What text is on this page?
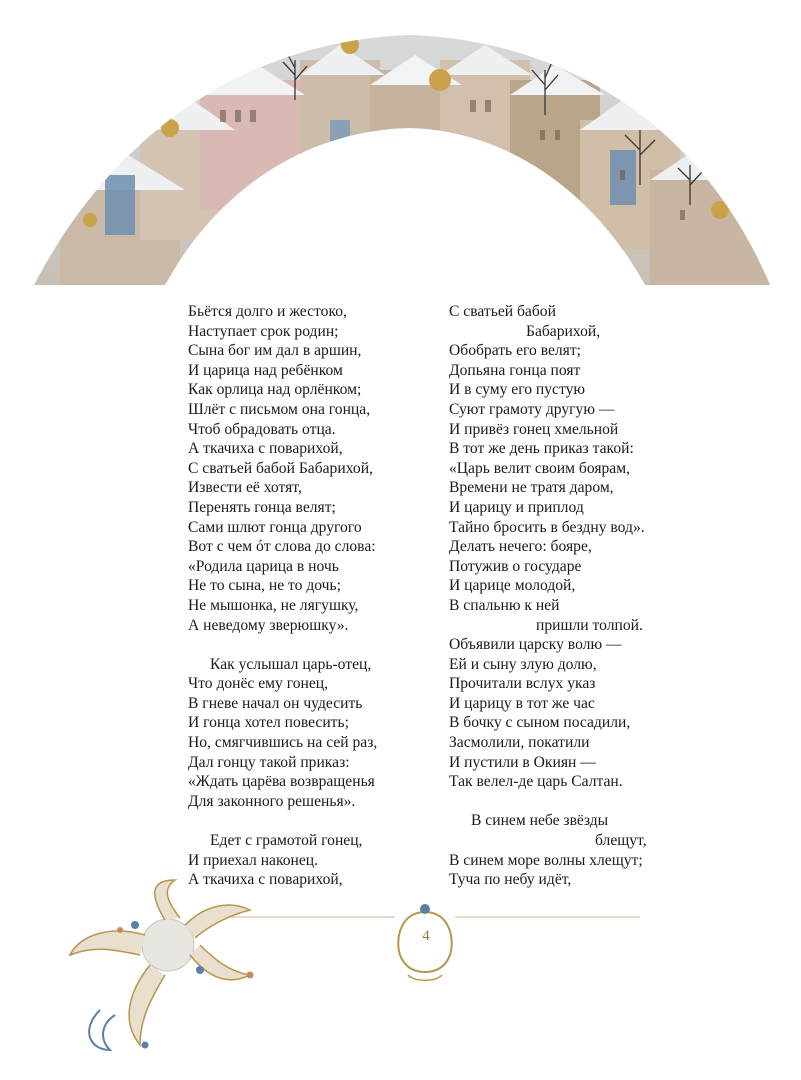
Бьётся долго и жестоко,
Наступает срок родин;
Сына бог им дал в аршин,
И царица над ребёнком
Как орлица над орлёнком;
Шлёт с письмом она гонца,
Чтоб обрадовать отца.
А ткачиха с поварихой,
С сватьей бабой Бабарихой,
Извести её хотят,
Перенять гонца велят;
Сами шлют гонца другого
Вот с чем óт слова до слова:
«Родила царица в ночь
Не то сына, не то дочь;
Не мышонка, не лягушку,
А неведому зверюшку».
Как услышал царь-отец,
Что донёс ему гонец,
В гневе начал он чудесить
И гонца хотел повесить;
Но, смягчившись на сей раз,
Дал гонцу такой приказ:
«Ждать царёва возвращенья
Для законного решенья».
Едет с грамотой гонец,
И приехал наконец.
А ткачиха с поварихой,
С сватьей бабой
Бабарихой,
Обобрать его велят;
Допьяна гонца поят
И в суму его пустую
Суют грамоту другую —
И привёз гонец хмельной
В тот же день приказ такой:
«Царь велит своим боярам,
Времени не тратя даром,
И царицу и приплод
Тайно бросить в бездну вод».
Делать нечего: бояре,
Потужив о государе
И царице молодой,
В спальню к ней
пришли толпой.
Объявили царску волю —
Ей и сыну злую долю,
Прочитали вслух указ
И царицу в тот же час
В бочку с сыном посадили,
Засмолили, покатили
И пустили в Окиян —
Так велел-де царь Салтан.
В синем небе звёзды
блещут,
В синем море волны хлещут;
Туча по небу идёт,
4
